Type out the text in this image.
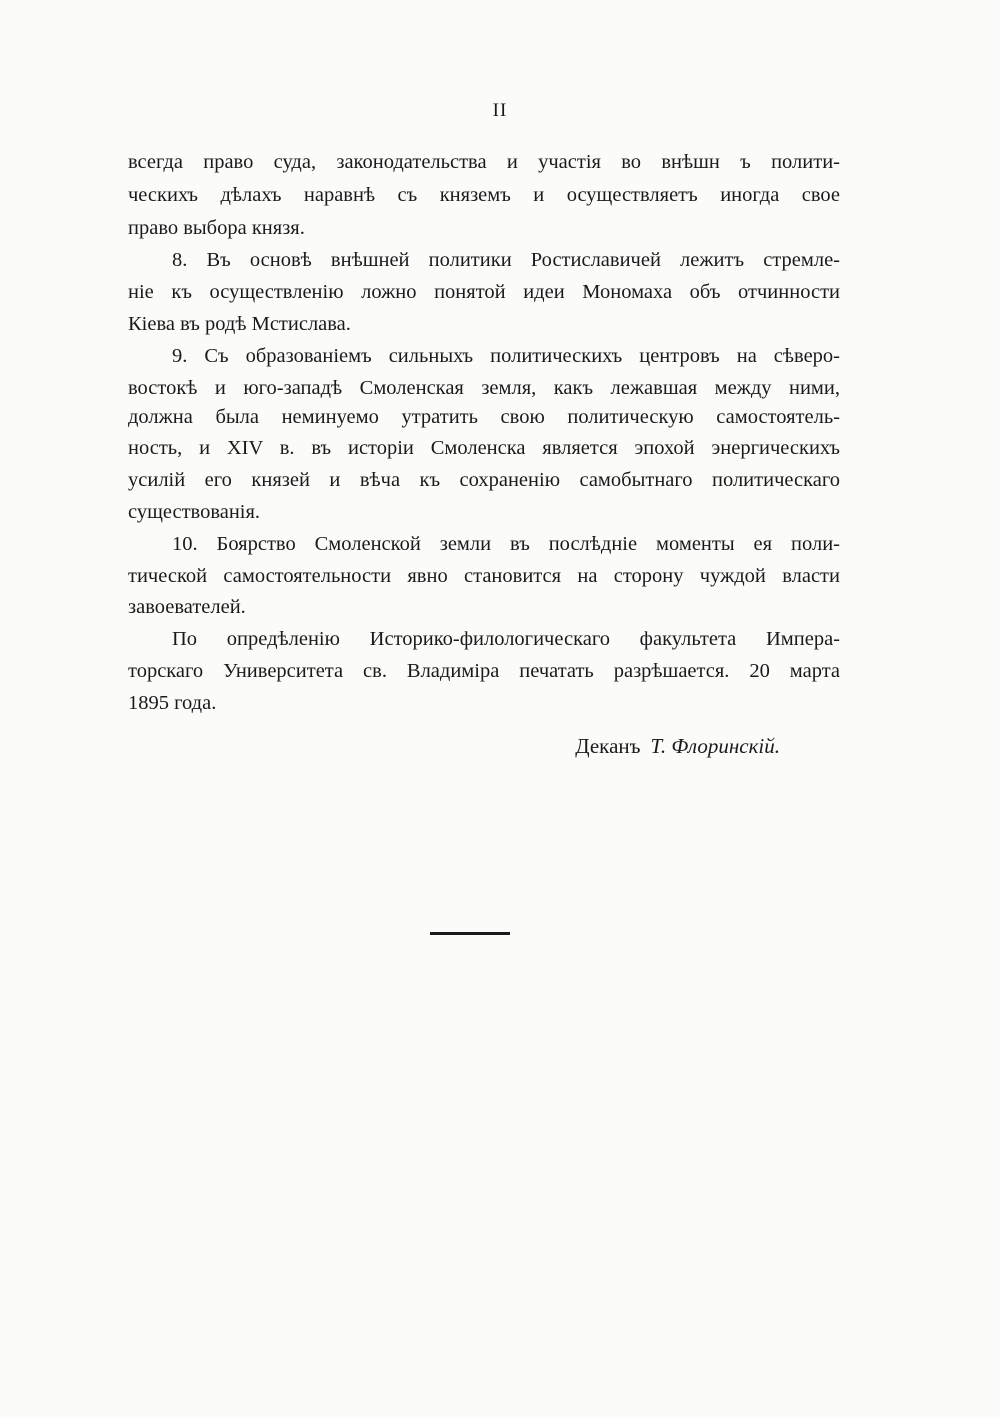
II
всегда право суда, законодательства и участія во внѣшн ъ полити-
ческихъ дѣлахъ наравнѣ съ княземъ и осуществляетъ иногда свое
право выбора князя.
8. Въ основѣ внѣшней политики Ростиславичей лежитъ стремле-
ніе къ осуществленію ложно понятой идеи Мономаха объ отчинности
Кіева въ родѣ Мстислава.
9. Съ образованіемъ сильныхъ политическихъ центровъ на сѣверо-
востокѣ и юго-западѣ Смоленская земля, какъ лежавшая между ними,
должна была неминуемо утратить свою политическую самостоятель-
ность, и XIV в. въ исторіи Смоленска является эпохой энергическихъ
усилій его князей и вѣча къ сохраненію самобытнаго политическаго
существованія.
10. Боярство Смоленской земли въ послѣдніе моменты ея поли-
тической самостоятельности явно становится на сторону чуждой власти
завоевателей.
По опредѣленію Историко-филологическаго факультета Импера-
торскаго Университета св. Владиміра печатать разрѣшается. 20 марта
1895 года.
Деканъ Т. Флоринскій.
